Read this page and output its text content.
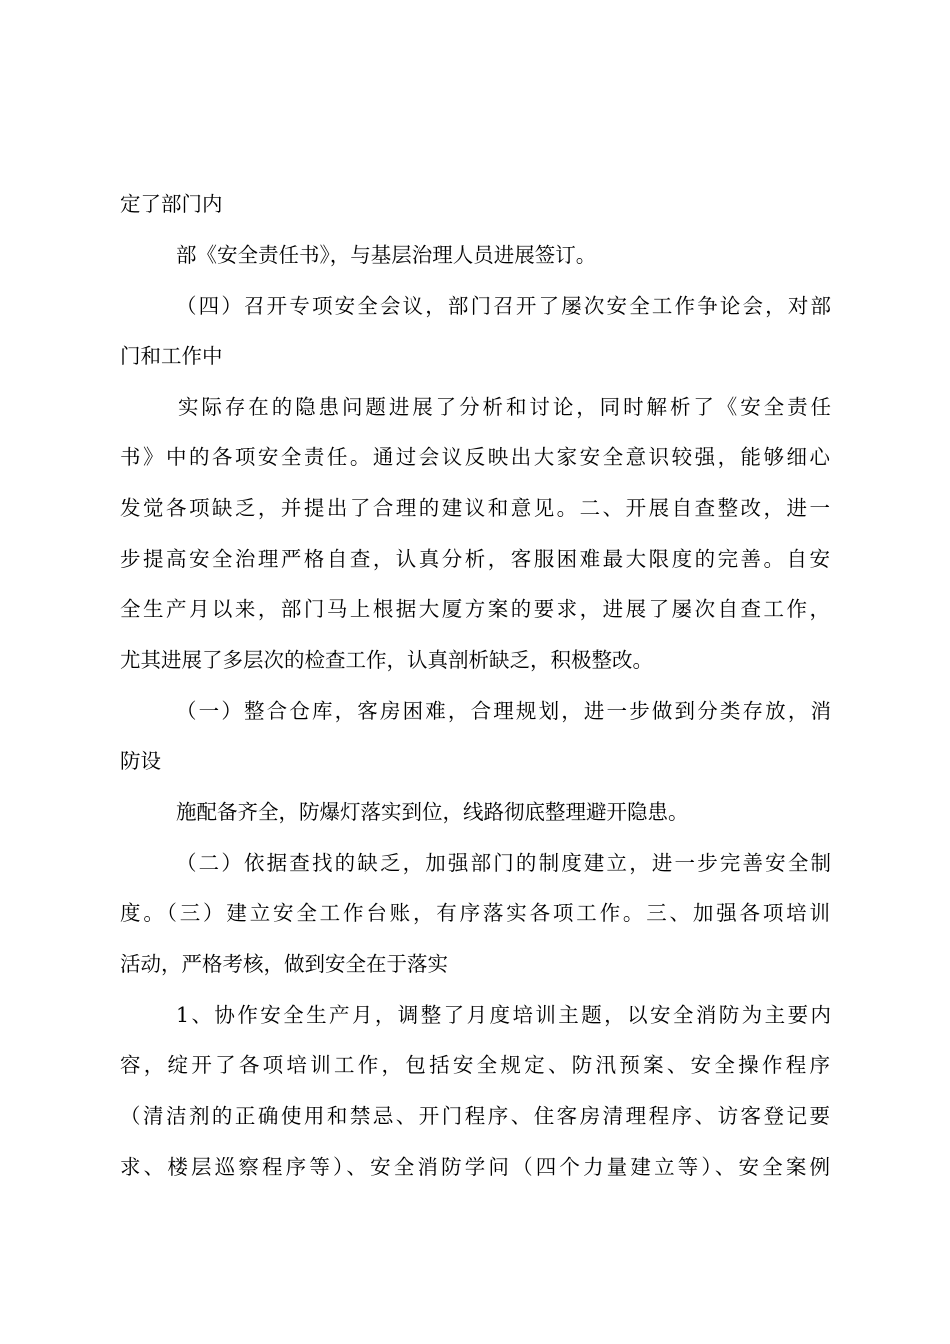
定了部门内
部《安全责任书》，与基层治理人员进展签订。
（四）召开专项安全会议，部门召开了屡次安全工作争论会，对部
门和工作中
实际存在的隐患问题进展了分析和讨论，同时解析了《安全责任
书》中的各项安全责任。通过会议反映出大家安全意识较强，能够细心
发觉各项缺乏，并提出了合理的建议和意见。二、开展自查整改，进一
步提高安全治理严格自查，认真分析，客服困难最大限度的完善。自安
全生产月以来，部门马上根据大厦方案的要求，进展了屡次自查工作，
尤其进展了多层次的检查工作，认真剖析缺乏，积极整改。
（一）整合仓库，客房困难，合理规划，进一步做到分类存放，消
防设
施配备齐全，防爆灯落实到位，线路彻底整理避开隐患。
（二）依据查找的缺乏，加强部门的制度建立，进一步完善安全制
度。（三）建立安全工作台账，有序落实各项工作。三、加强各项培训
活动，严格考核，做到安全在于落实
1、协作安全生产月，调整了月度培训主题，以安全消防为主要内
容，绽开了各项培训工作，包括安全规定、防汛预案、安全操作程序
（清洁剂的正确使用和禁忌、开门程序、住客房清理程序、访客登记要
求、楼层巡察程序等）、安全消防学问（四个力量建立等）、安全案例
